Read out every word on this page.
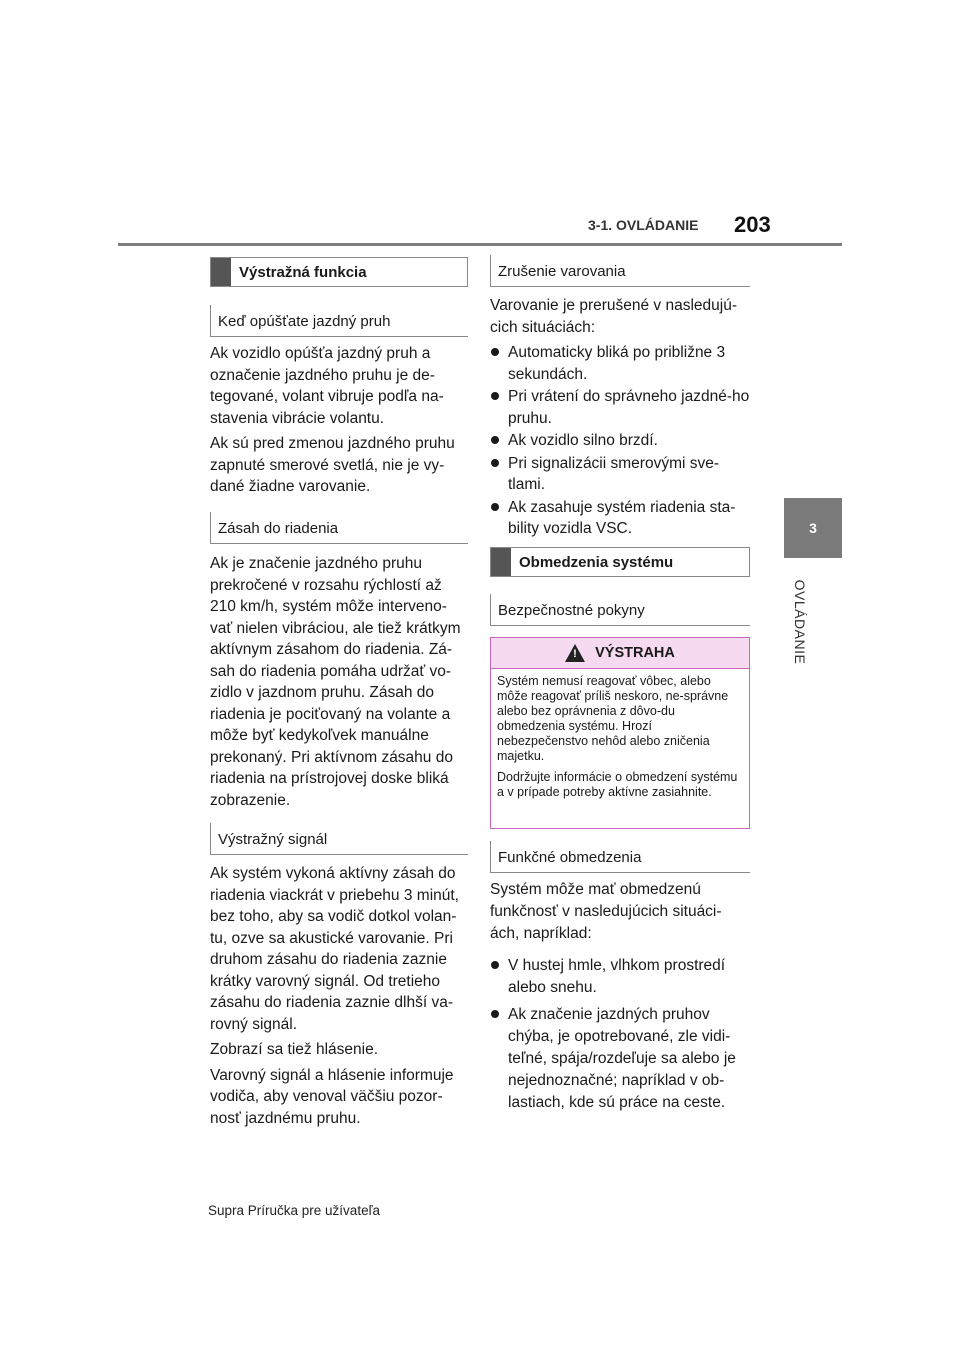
3-1. OVLÁDANIE 203
3
OVLÁDANIE
Výstražná funkcia
Keď opúšťate jazdný pruh

Ak vozidlo opúšťa jazdný pruh a označenie jazdného pruhu je de-tegované, volant vibruje podľa na-stavenia vibrácie volantu.

Ak sú pred zmenou jazdného pruhu zapnuté smerové svetlá, nie je vy-dané žiadne varovanie.

Zásah do riadenia

Ak je značenie jazdného pruhu prekročené v rozsahu rýchlostí až 210 km/h, systém môže interveno-vať nielen vibráciou, ale tiež krátkym aktívnym zásahom do riadenia. Zá-sah do riadenia pomáha udržať vo-zidlo v jazdnom pruhu. Zásah do riadenia je pociťovaný na volante a môže byť kedykoľvek manuálne prekonaný. Pri aktívnom zásahu do riadenia na prístrojovej doske bliká zobrazenie.

Výstražný signál

Ak systém vykoná aktívny zásah do riadenia viackrát v priebehu 3 minút, bez toho, aby sa vodič dotkol volan-tu, ozve sa akustické varovanie. Pri druhom zásahu do riadenia zaznie krátky varovný signál. Od tretieho zásahu do riadenia zaznie dlhší va-rovný signál.

Zobrazí sa tiež hlásenie.

Varovný signál a hlásenie informuje vodiča, aby venoval väčšiu pozor-nosť jazdnému pruhu.

Zrušenie varovania

Varovanie je prerušené v nasledujú-cich situáciách:

Automaticky bliká po približne 3 sekundách.
Pri vrátení do správneho jazdné-ho pruhu.
Ak vozidlo silno brzdí.
Pri signalizácii smerovými sve-tlami.
Ak zasahuje systém riadenia sta-bility vozidla VSC.
Obmedzenia systému
Bezpečnostné pokyny
! VÝSTRAHA

Systém nemusí reagovať vôbec, alebo môže reagovať príliš neskoro, ne-správne alebo bez oprávnenia z dôvo-du obmedzenia systému. Hrozí nebezpečenstvo nehôd alebo zničenia majetku.

Dodržujte informácie o obmedzení systému a v prípade potreby aktívne zasiahnite.

Funkčné obmedzenia

Systém môže mať obmedzenú funkčnosť v nasledujúcich situáci-ách, napríklad:

V hustej hmle, vlhkom prostredí alebo snehu.
Ak značenie jazdných pruhov chýba, je opotrebované, zle vidi-teľné, spája/rozdeľuje sa alebo je nejednoznačné; napríklad v ob-lastiach, kde sú práce na ceste.
Supra Príručka pre užívateľa
